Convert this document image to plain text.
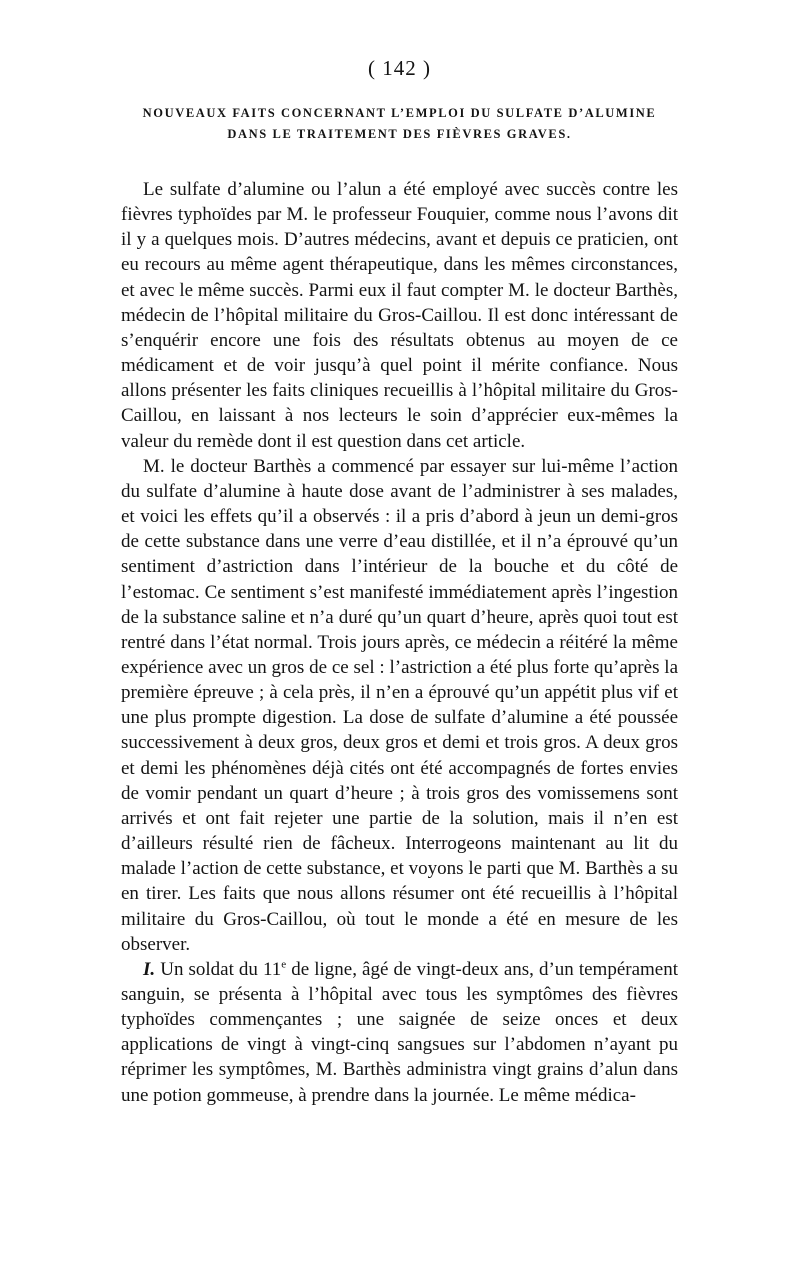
( 142 )
NOUVEAUX FAITS CONCERNANT L’EMPLOI DU SULFATE D’ALUMINE
DANS LE TRAITEMENT DES FIÈVRES GRAVES.

Le sulfate d’alumine ou l’alun a été employé avec succès contre les fièvres typhoïdes par M. le professeur Fouquier, comme nous l’avons dit il y a quelques mois. D’autres médecins, avant et depuis ce praticien, ont eu recours au même agent thérapeutique, dans les mêmes circonstances, et avec le même succès. Parmi eux il faut compter M. le docteur Barthès, médecin de l’hôpital militaire du Gros-Caillou. Il est donc intéressant de s’enquérir encore une fois des résultats obtenus au moyen de ce médicament et de voir jusqu’à quel point il mérite confiance. Nous allons présenter les faits cliniques recueillis à l’hôpital militaire du Gros-Caillou, en laissant à nos lecteurs le soin d’apprécier eux-mêmes la valeur du remède dont il est question dans cet article.

M. le docteur Barthès a commencé par essayer sur lui-même l’action du sulfate d’alumine à haute dose avant de l’administrer à ses malades, et voici les effets qu’il a observés : il a pris d’abord à jeun un demi-gros de cette substance dans une verre d’eau distillée, et il n’a éprouvé qu’un sentiment d’astriction dans l’intérieur de la bouche et du côté de l’estomac. Ce sentiment s’est manifesté immédiatement après l’ingestion de la substance saline et n’a duré qu’un quart d’heure, après quoi tout est rentré dans l’état normal. Trois jours après, ce médecin a réitéré la même expérience avec un gros de ce sel : l’astriction a été plus forte qu’après la première épreuve ; à cela près, il n’en a éprouvé qu’un appétit plus vif et une plus prompte digestion. La dose de sulfate d’alumine a été poussée successivement à deux gros, deux gros et demi et trois gros. A deux gros et demi les phénomènes déjà cités ont été accompagnés de fortes envies de vomir pendant un quart d’heure ; à trois gros des vomissemens sont arrivés et ont fait rejeter une partie de la solution, mais il n’en est d’ailleurs résulté rien de fâcheux. Interrogeons maintenant au lit du malade l’action de cette substance, et voyons le parti que M. Barthès a su en tirer. Les faits que nous allons résumer ont été recueillis à l’hôpital militaire du Gros-Caillou, où tout le monde a été en mesure de les observer.

I. Un soldat du 11e de ligne, âgé de vingt-deux ans, d’un tempérament sanguin, se présenta à l’hôpital avec tous les symptômes des fièvres typhoïdes commençantes ; une saignée de seize onces et deux applications de vingt à vingt-cinq sangsues sur l’abdomen n’ayant pu réprimer les symptômes, M. Barthès administra vingt grains d’alun dans une potion gommeuse, à prendre dans la journée. Le même médica-
